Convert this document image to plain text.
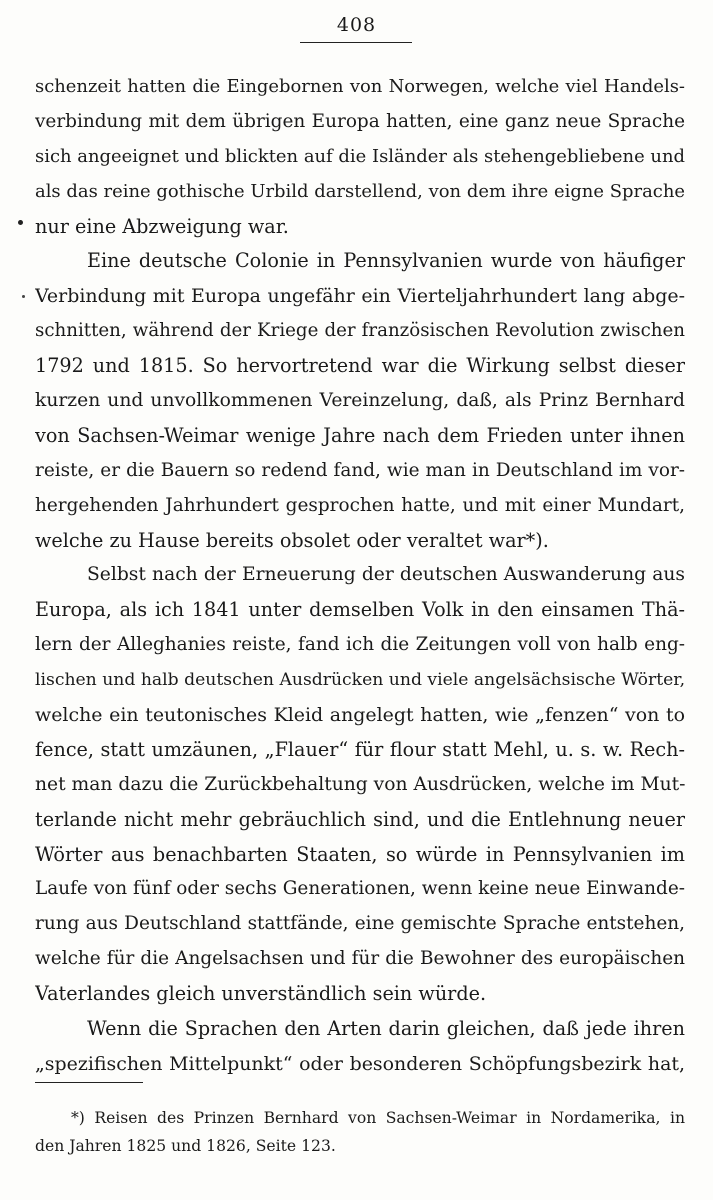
408
schenzeit hatten die Eingebornen von Norwegen, welche viel Handels-
verbindung mit dem übrigen Europa hatten, eine ganz neue Sprache
sich angeeignet und blickten auf die Isländer als stehengebliebene und
als das reine gothische Urbild darstellend, von dem ihre eigne Sprache
nur eine Abzweigung war.
Eine deutsche Colonie in Pennsylvanien wurde von häufiger
Verbindung mit Europa ungefähr ein Vierteljahrhundert lang abge-
schnitten, während der Kriege der französischen Revolution zwischen
1792 und 1815. So hervortretend war die Wirkung selbst dieser
kurzen und unvollkommenen Vereinzelung, daß, als Prinz Bernhard
von Sachsen-Weimar wenige Jahre nach dem Frieden unter ihnen
reiste, er die Bauern so redend fand, wie man in Deutschland im vor-
hergehenden Jahrhundert gesprochen hatte, und mit einer Mundart,
welche zu Hause bereits obsolet oder veraltet war*).
Selbst nach der Erneuerung der deutschen Auswanderung aus
Europa, als ich 1841 unter demselben Volk in den einsamen Thä-
lern der Alleghanies reiste, fand ich die Zeitungen voll von halb eng-
lischen und halb deutschen Ausdrücken und viele angelsächsische Wörter,
welche ein teutonisches Kleid angelegt hatten, wie „fenzen“ von to
fence, statt umzäunen, „Flauer“ für flour statt Mehl, u. s. w. Rech-
net man dazu die Zurückbehaltung von Ausdrücken, welche im Mut-
terlande nicht mehr gebräuchlich sind, und die Entlehnung neuer
Wörter aus benachbarten Staaten, so würde in Pennsylvanien im
Laufe von fünf oder sechs Generationen, wenn keine neue Einwande-
rung aus Deutschland stattfände, eine gemischte Sprache entstehen,
welche für die Angelsachsen und für die Bewohner des europäischen
Vaterlandes gleich unverständlich sein würde.
Wenn die Sprachen den Arten darin gleichen, daß jede ihren
„spezifischen Mittelpunkt“ oder besonderen Schöpfungsbezirk hat,
*) Reisen des Prinzen Bernhard von Sachsen-Weimar in Nordamerika, in
den Jahren 1825 und 1826, Seite 123.
